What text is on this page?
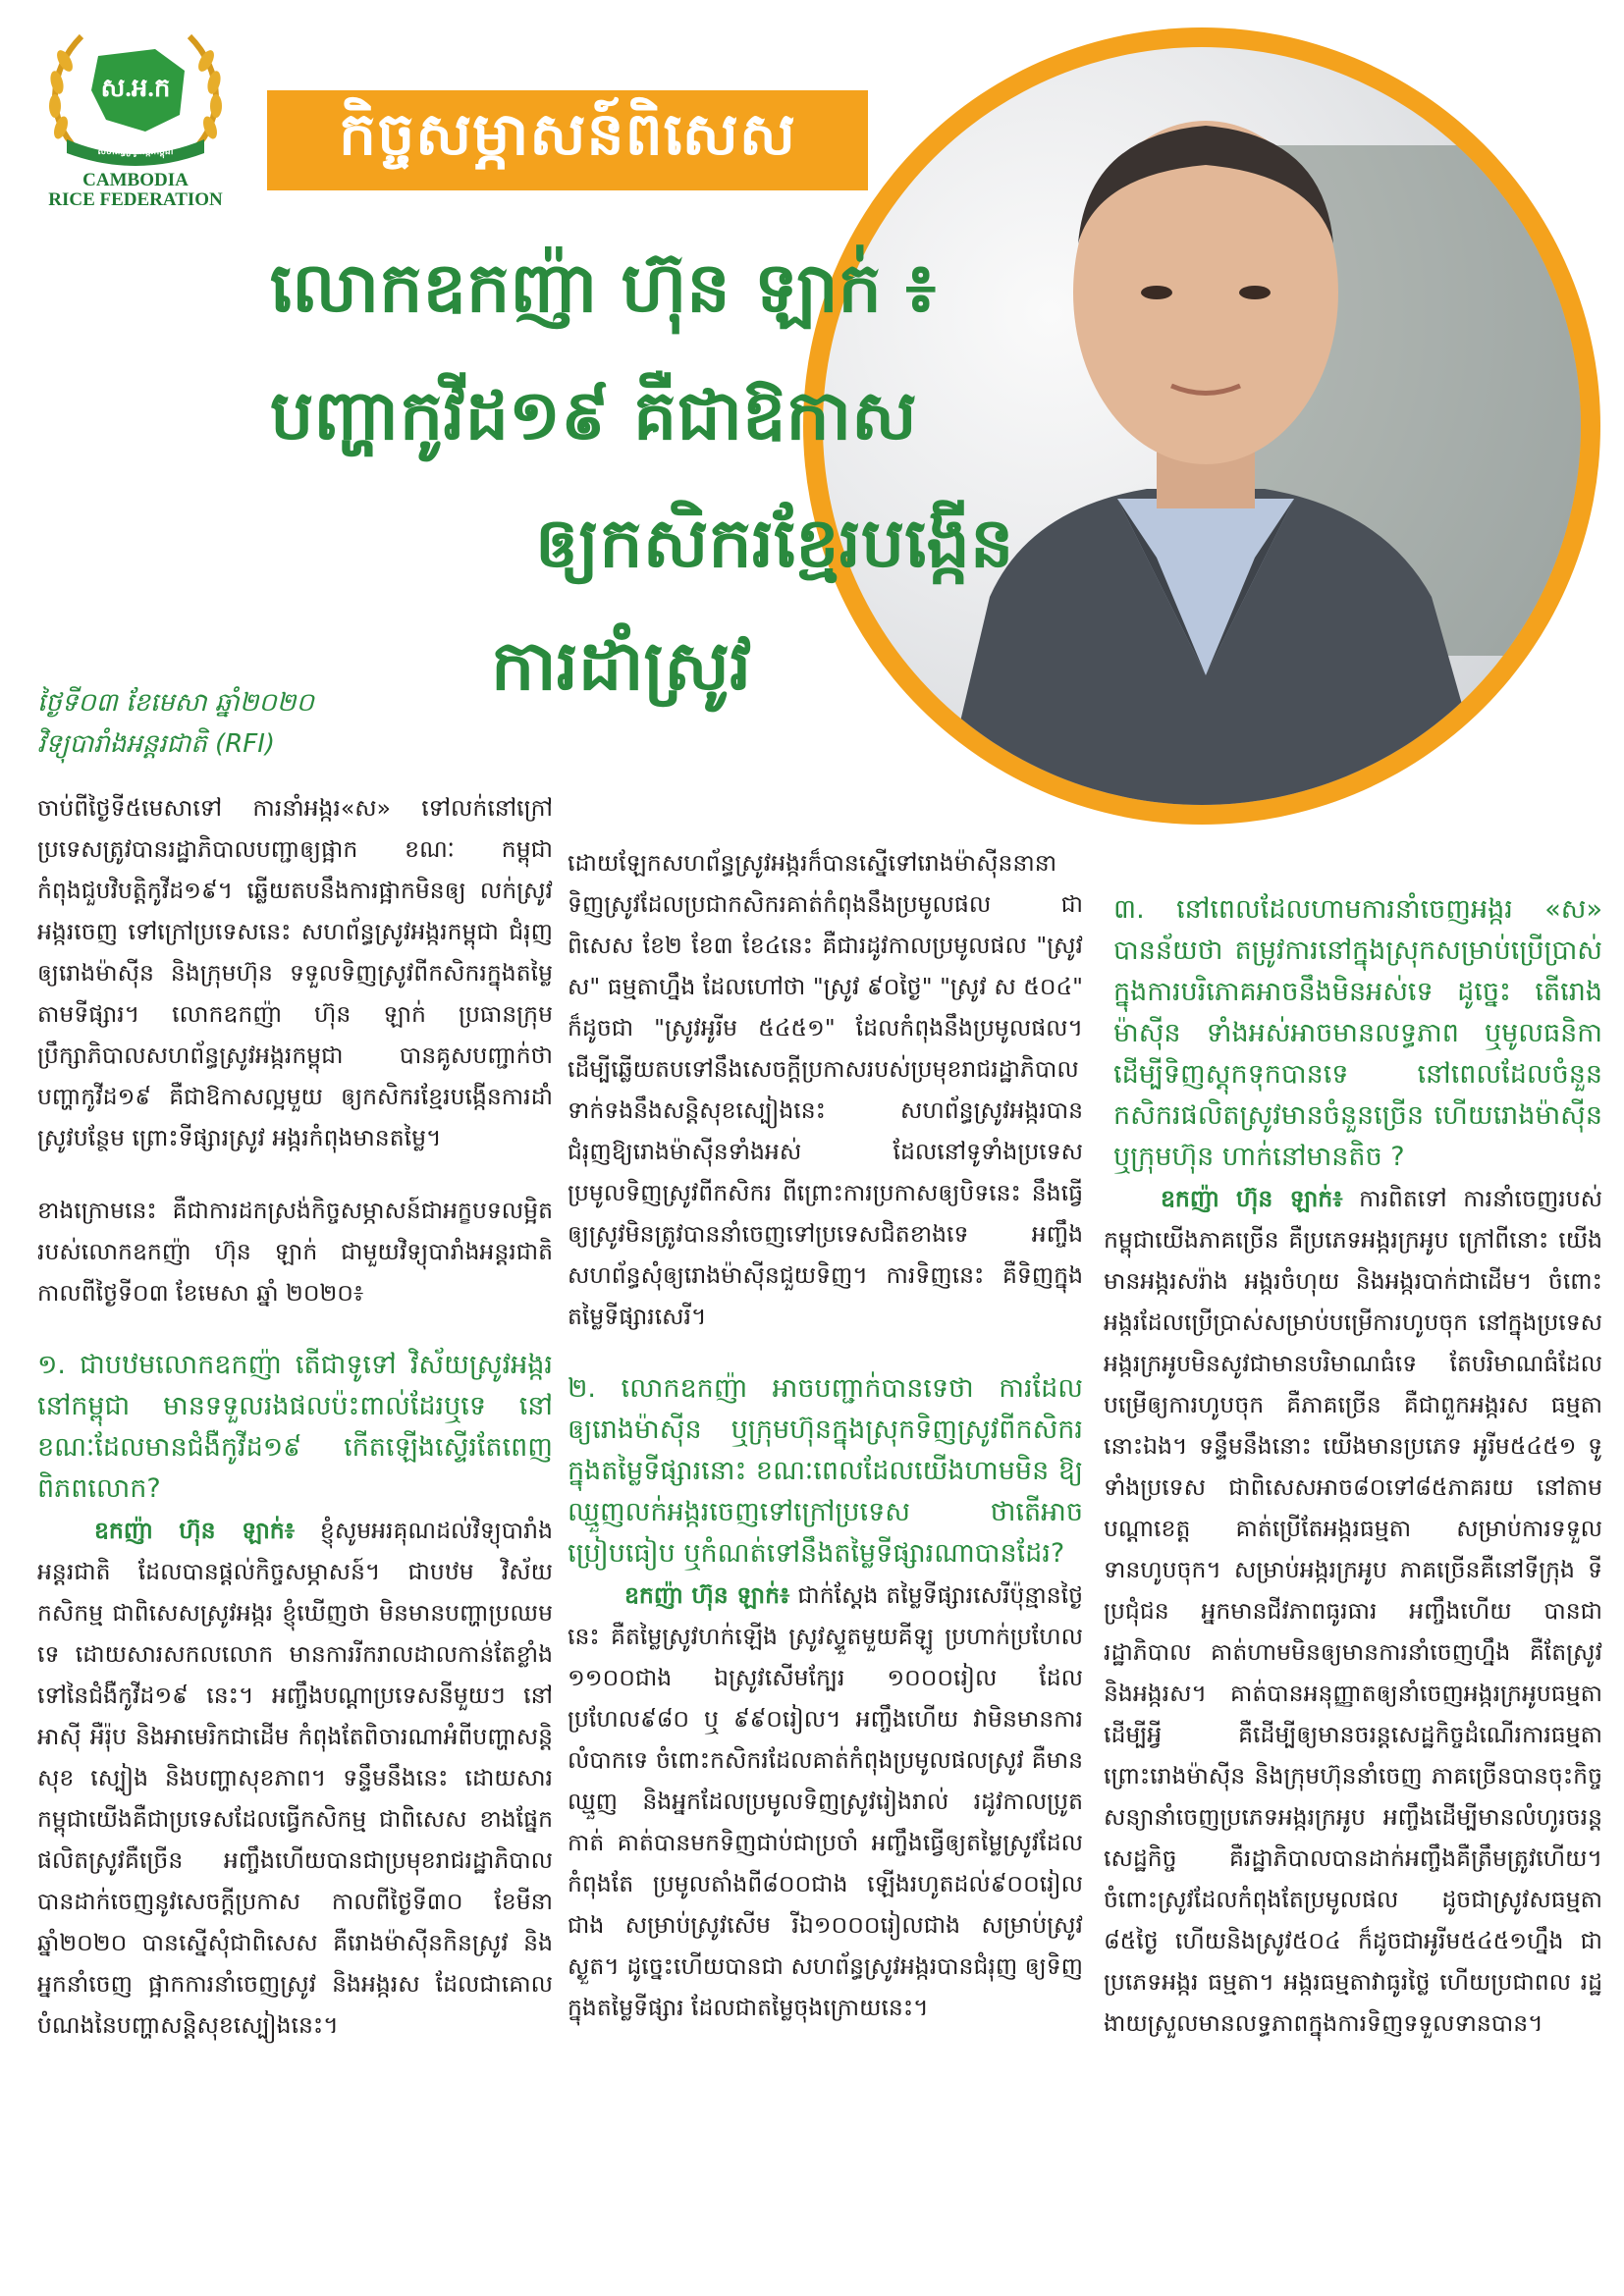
ស.អ.ក
សហព័ន្ធស្រូវអង្ករកម្ពុជា
CAMBODIA
RICE FEDERATION
កិច្ចសម្ភាសន៍ពិសេស
លោកឧកញ៉ា ហ៊ុន ឡាក់ ៖
បញ្ហាកូវីដ១៩ គឺជាឱកាស
ឲ្យកសិករខ្មែរបង្កើន
ការដាំស្រូវ
ថ្ងៃទី០៣ ខែមេសា ឆ្នាំ២០២០
វិទ្យុបារាំងអន្តរជាតិ (RFI)

ចាប់ពីថ្ងៃទី៥មេសាទៅ ការនាំអង្ករ«ស» ទៅលក់នៅក្រៅប្រទេសត្រូវបានរដ្ឋាភិបាលបញ្ជាឲ្យផ្អាក ខណៈ កម្ពុជាកំពុងជួបវិបត្តិកូវីដ១៩។ ឆ្លើយតបនឹងការផ្អាកមិនឲ្យ លក់ស្រូវអង្ករចេញ ទៅក្រៅប្រទេសនេះ សហព័ន្ធស្រូវអង្ករកម្ពុជា ជំរុញឲ្យរោងម៉ាស៊ីន និងក្រុមហ៊ុន ទទួលទិញស្រូវពីកសិករក្នុងតម្លៃតាមទីផ្សារ។ លោកឧកញ៉ា ហ៊ុន ឡាក់ ប្រធានក្រុមប្រឹក្សាភិបាលសហព័ន្ធស្រូវអង្ករកម្ពុជា បានគូសបញ្ជាក់ថា បញ្ហាកូវីដ១៩ គឺជាឱកាសល្អមួយ ឲ្យកសិករខ្មែរបង្កើនការដាំស្រូវបន្ថែម ព្រោះទីផ្សារស្រូវ អង្ករកំពុងមានតម្លៃ។

ខាងក្រោមនេះ គឺជាការដកស្រង់កិច្ចសម្ភាសន៍ជាអក្ខបទលម្អិត របស់លោកឧកញ៉ា ហ៊ុន ឡាក់ ជាមួយវិទ្យុបារាំងអន្តរជាតិ កាលពីថ្ងៃទី០៣ ខែមេសា ឆ្នាំ ២០២០៖

១. ជាបឋមលោកឧកញ៉ា តើជាទូទៅ វិស័យស្រូវអង្ករនៅកម្ពុជា មានទទួលរងផលប៉ះពាល់ដែរឬទេ នៅ ខណៈដែលមានជំងឺកូវីដ១៩ កើតឡើងស្ទើរតែពេញពិភពលោក?

ឧកញ៉ា ហ៊ុន ឡាក់៖ ខ្ញុំសូមអរគុណដល់វិទ្យុបារាំងអន្តរជាតិ ដែលបានផ្តល់កិច្ចសម្ភាសន៍។ ជាបឋម វិស័យកសិកម្ម ជាពិសេសស្រូវអង្ករ ខ្ញុំឃើញថា មិនមានបញ្ហាប្រឈមទេ ដោយសារសកលលោក មានការរីករាលដាលកាន់តែខ្លាំងទៅនៃជំងឺកូវីដ១៩ នេះ។ អញ្ចឹងបណ្តាប្រទេសនីមួយៗ នៅអាស៊ី អឺរ៉ុប និងអាមេរិកជាដើម កំពុងតែពិចារណាអំពីបញ្ហាសន្តិសុខ ស្បៀង និងបញ្ហាសុខភាព។ ទន្ទឹមនឹងនេះ ដោយសារកម្ពុជាយើងគឺជាប្រទេសដែលធ្វើកសិកម្ម ជាពិសេស ខាងផ្នែកផលិតស្រូវគឺច្រើន អញ្ចឹងហើយបានជាប្រមុខរាជរដ្ឋាភិបាល បានដាក់ចេញនូវសេចក្តីប្រកាស កាលពីថ្ងៃទី៣០ ខែមីនា ឆ្នាំ២០២០ បានស្នើសុំជាពិសេស គឺរោងម៉ាស៊ីនកិនស្រូវ និងអ្នកនាំចេញ ផ្អាកការនាំចេញស្រូវ និងអង្ករស ដែលជាគោលបំណងនៃបញ្ហាសន្តិសុខស្បៀងនេះ។

ដោយឡែកសហព័ន្ធស្រូវអង្ករក៏បានស្នើទៅរោងម៉ាស៊ីននានា ទិញស្រូវដែលប្រជាកសិករគាត់កំពុងនឹងប្រមូលផល ជាពិសេស ខែ២ ខែ៣ ខែ៤នេះ គឺជារដូវកាលប្រមូលផល "ស្រូវ ស" ធម្មតាហ្នឹង ដែលហៅថា "ស្រូវ ៩០ថ្ងៃ" "ស្រូវ ស ៥០៤" ក៏ដូចជា "ស្រូវអូរីម ៥៤៥១" ដែលកំពុងនឹងប្រមូលផល។ ដើម្បីឆ្លើយតបទៅនឹងសេចក្តីប្រកាសរបស់ប្រមុខរាជរដ្ឋាភិបាលទាក់ទងនឹងសន្តិសុខស្បៀងនេះ សហព័ន្ធស្រូវអង្ករបានជំរុញឱ្យរោងម៉ាស៊ីនទាំងអស់ ដែលនៅទូទាំងប្រទេសប្រមូលទិញស្រូវពីកសិករ ពីព្រោះការប្រកាសឲ្យបិទនេះ នឹងធ្វើឲ្យស្រូវមិនត្រូវបាននាំចេញទៅប្រទេសជិតខាងទេ អញ្ចឹងសហព័ន្ធសុំឲ្យរោងម៉ាស៊ីនជួយទិញ។ ការទិញនេះ គឺទិញក្នុងតម្លៃទីផ្សារសេរី។

២. លោកឧកញ៉ា អាចបញ្ជាក់បានទេថា ការដែលឲ្យរោងម៉ាស៊ីន ឬក្រុមហ៊ុនក្នុងស្រុកទិញស្រូវពីកសិករក្នុងតម្លៃទីផ្សារនោះ ខណៈពេលដែលយើងហាមមិន ឱ្យឈ្មួញលក់អង្ករចេញទៅក្រៅប្រទេស ថាតើអាចប្រៀបធៀប ឬកំណត់ទៅនឹងតម្លៃទីផ្សារណាបានដែរ?

ឧកញ៉ា ហ៊ុន ឡាក់៖ ជាក់ស្តែង តម្លៃទីផ្សារសេរីប៉ុន្មានថ្ងៃនេះ គឺតម្លៃស្រូវហក់ឡើង ស្រូវស្ទួតមួយគីឡូ ប្រហាក់ប្រហែល ១១០០ជាង ឯស្រូវសើមក្បែរ ១០០០រៀល ដែលប្រហែល៩៨០ ឬ ៩៩០រៀល។ អញ្ចឹងហើយ វាមិនមានការលំបាកទេ ចំពោះកសិករដែលគាត់កំពុងប្រមូលផលស្រូវ គឺមានឈ្មួញ និងអ្នកដែលប្រមូលទិញស្រូវរៀងរាល់ រដូវកាលប្រូតកាត់ គាត់បានមកទិញជាប់ជាប្រចាំ អញ្ចឹងធ្វើឲ្យតម្លៃស្រូវដែលកំពុងតែ ប្រមូលតាំងពី៨០០ជាង ឡើងរហូតដល់៩០០រៀលជាង សម្រាប់ស្រូវសើម រីឯ១០០០រៀលជាង សម្រាប់ស្រូវស្ងួត។ ដូច្នេះហើយបានជា សហព័ន្ធស្រូវអង្ករបានជំរុញ ឲ្យទិញក្នុងតម្លៃទីផ្សារ ដែលជាតម្លៃចុងក្រោយនេះ។

៣. នៅពេលដែលហាមការនាំចេញអង្ករ «ស» បានន័យថា តម្រូវការនៅក្នុងស្រុកសម្រាប់ប្រើប្រាស់ ក្នុងការបរិភោគអាចនឹងមិនអស់ទេ ដូច្នេះ តើរោងម៉ាស៊ីន ទាំងអស់អាចមានលទ្ធភាព ឬមូលធនិកា ដើម្បីទិញស្តុកទុកបានទេ នៅពេលដែលចំនួនកសិករផលិតស្រូវមានចំនួនច្រើន ហើយរោងម៉ាស៊ីន ឬក្រុមហ៊ុន ហាក់នៅមានតិច ?

ឧកញ៉ា ហ៊ុន ឡាក់៖ ការពិតទៅ ការនាំចេញរបស់កម្ពុជាយើងភាគច្រើន គឺប្រភេទអង្ករក្រអូប ក្រៅពីនោះ យើងមានអង្ករសរ៉ាង អង្ករចំហុយ និងអង្ករបាក់ជាដើម។ ចំពោះអង្ករដែលប្រើប្រាស់សម្រាប់បម្រើការហូបចុក នៅក្នុងប្រទេស អង្ករក្រអូបមិនសូវជាមានបរិមាណធំទេ តែបរិមាណធំដែលបម្រើឲ្យការហូបចុក គឺភាគច្រើន គឺជាពួកអង្ករស ធម្មតានោះឯង។ ទន្ទឹមនឹងនោះ យើងមានប្រភេទ អូរីម៥៤៥១ ទូទាំងប្រទេស ជាពិសេសអាច៨០ទៅ៨៥ភាគរយ នៅតាមបណ្តាខេត្ត គាត់ប្រើតែអង្ករធម្មតា សម្រាប់ការទទួលទានហូបចុក។ សម្រាប់អង្ករក្រអូប ភាគច្រើនគឺនៅទីក្រុង ទីប្រជុំជន អ្នកមានជីវភាពធូរធារ អញ្ចឹងហើយ បានជារដ្ឋាភិបាល គាត់ហាមមិនឲ្យមានការនាំចេញហ្នឹង គឺតែស្រូវ និងអង្ករស។ គាត់បានអនុញ្ញាតឲ្យនាំចេញអង្ករក្រអូបធម្មតា ដើម្បីអ្វី គឺដើម្បីឲ្យមានចរន្តសេដ្ឋកិច្ចដំណើរការធម្មតា ព្រោះរោងម៉ាស៊ីន និងក្រុមហ៊ុននាំចេញ ភាគច្រើនបានចុះកិច្ចសន្យានាំចេញប្រភេទអង្ករក្រអូប អញ្ចឹងដើម្បីមានលំហូរចរន្តសេដ្ឋកិច្ច គឺរដ្ឋាភិបាលបានដាក់អញ្ចឹងគឺត្រឹមត្រូវហើយ។ ចំពោះស្រូវដែលកំពុងតែប្រមូលផល ដូចជាស្រូវសធម្មតា ៨៥ថ្ងៃ ហើយនិងស្រូវ៥០៤ ក៏ដូចជាអូរីម៥៤៥១ហ្នឹង ជាប្រភេទអង្ករ ធម្មតា។ អង្ករធម្មតាវាធូរថ្លៃ ហើយប្រជាពល រដ្ឋងាយស្រួលមានលទ្ធភាពក្នុងការទិញទទួលទានបាន។
